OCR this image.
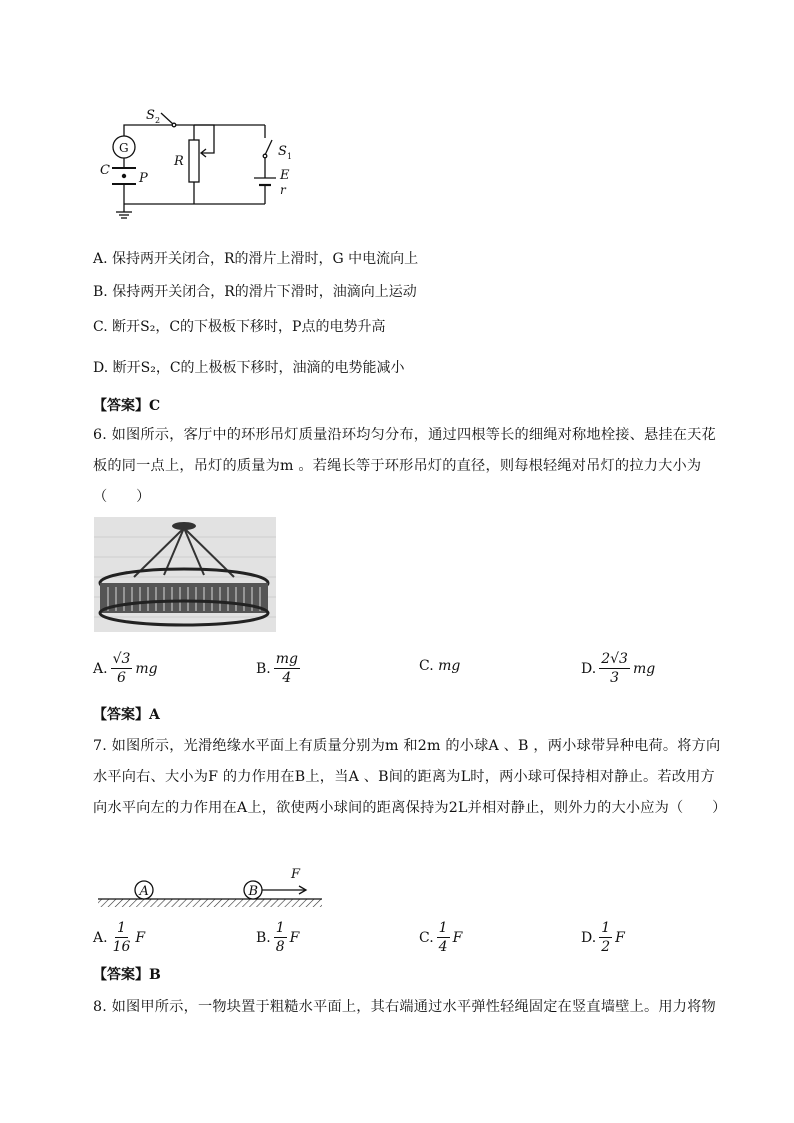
S 2
G
C
P
R
S 1
E
r
A. 保持两开关闭合，R的滑片上滑时，G 中电流向上
B. 保持两开关闭合，R的滑片下滑时，油滴向上运动
C. 断开S₂，C的下极板下移时，P点的电势升高
D. 断开S₂，C的上极板下移时，油滴的电势能减小
【答案】C
6. 如图所示，客厅中的环形吊灯质量沿环均匀分布，通过四根等长的细绳对称地栓接、悬挂在天花板的同一点上，吊灯的质量为m 。若绳长等于环形吊灯的直径，则每根轻绳对吊灯的拉力大小为（　　）
A. $\frac{√3}{6}$ mg	B. $\frac{mg}{4}$	C.
mg	D. $\frac{2√3}{3}$ mg
【答案】A
7. 如图所示，光滑绝缘水平面上有质量分别为m 和2m 的小球A 、B ，两小球带异种电荷。将方向水平向右、大小为F 的力作用在B上，当A 、B间的距离为L时，两小球可保持相对静止。若改用方向水平向左的力作用在A上，欲使两小球间的距离保持为2L并相对静止，则外力的大小应为（　　）
A	B
F
A. $\frac{1}{16}$ F	B. $\frac{1}{8}$ F	C. $\frac{1}{4}$ F	D. $\frac{1}{2}$ F
【答案】B
8. 如图甲所示，一物块置于粗糙水平面上，其右端通过水平弹性轻绳固定在竖直墙壁上。用力将物
